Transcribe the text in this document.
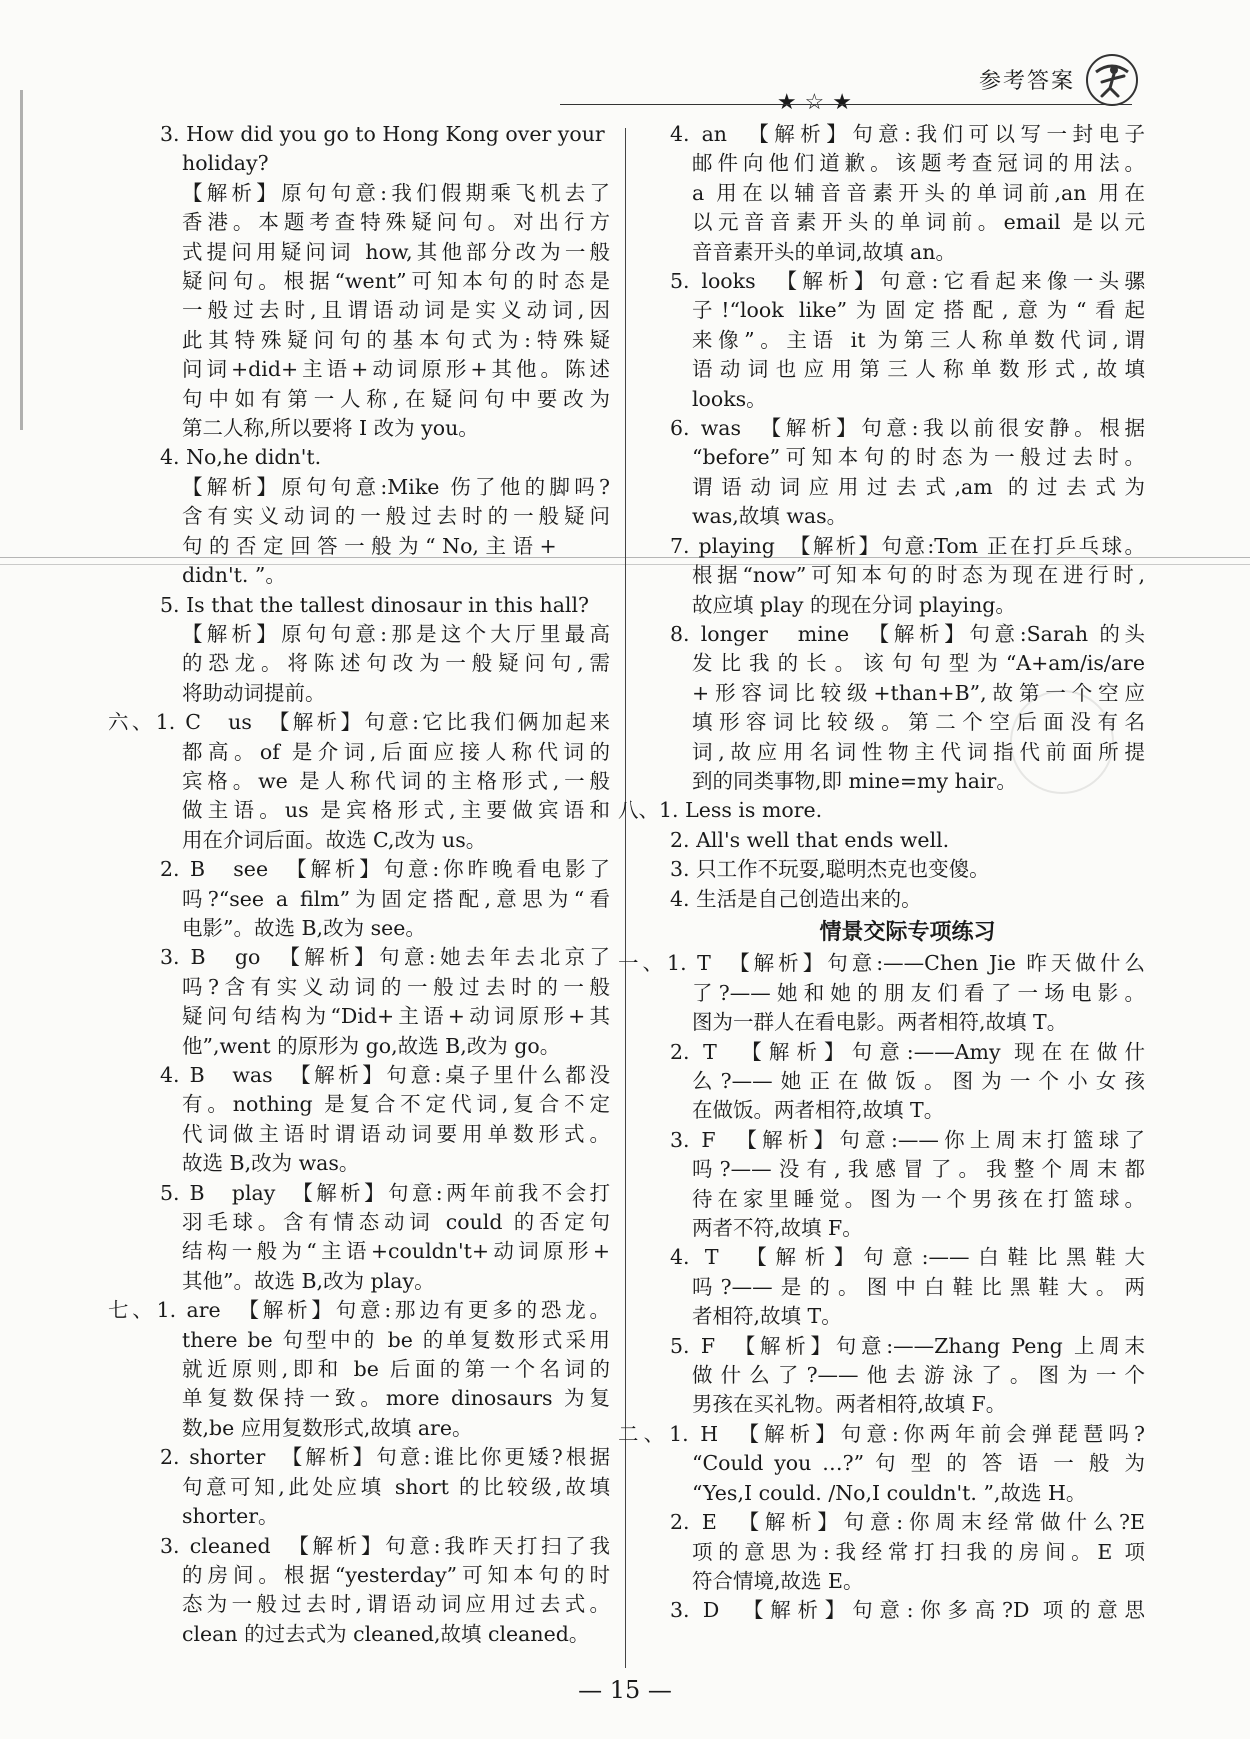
★☆★
参考答案
3. How did you go to Hong Kong over your
holiday?
【解析】原句句意:我们假期乘飞机去了
香港。本题考查特殊疑问句。对出行方
式提问用疑问词 how,其他部分改为一般
疑问句。根据“went”可知本句的时态是
一般过去时,且谓语动词是实义动词,因
此其特殊疑问句的基本句式为:特殊疑
问词+did+主语+动词原形+其他。陈述
句中如有第一人称,在疑问句中要改为
第二人称,所以要将 I 改为 you。
4. No,he didn't.
【解析】原句句意:Mike 伤了他的脚吗?
含有实义动词的一般过去时的一般疑问
句 的 否 定 回 答 一 般 为 “ No, 主 语 +
didn't. ”。
5. Is that the tallest dinosaur in this hall?
【解析】原句句意:那是这个大厅里最高
的恐龙。将陈述句改为一般疑问句,需
将助动词提前。
六、1. C　us　【解析】句意:它比我们俩加起来
都高。of 是介词,后面应接人称代词的
宾格。we 是人称代词的主格形式,一般
做主语。us 是宾格形式,主要做宾语和
用在介词后面。故选 C,改为 us。
2. B　see　【解析】句意:你昨晚看电影了
吗?“see a film”为固定搭配,意思为“看
电影”。故选 B,改为 see。
3. B　go　【解析】句意:她去年去北京了
吗?含有实义动词的一般过去时的一般
疑问句结构为“Did+主语+动词原形+其
他”,went 的原形为 go,故选 B,改为 go。
4. B　was　【解析】句意:桌子里什么都没
有。nothing 是复合不定代词,复合不定
代词做主语时谓语动词要用单数形式。
故选 B,改为 was。
5. B　play　【解析】句意:两年前我不会打
羽毛球。含有情态动词 could 的否定句
结构一般为“主语+couldn't+动词原形+
其他”。故选 B,改为 play。
七、1. are　【解析】句意:那边有更多的恐龙。
there be 句型中的 be 的单复数形式采用
就近原则,即和 be 后面的第一个名词的
单复数保持一致。more dinosaurs 为复
数,be 应用复数形式,故填 are。
2. shorter　【解析】句意:谁比你更矮?根据
句意可知,此处应填 short 的比较级,故填
shorter。
3. cleaned　【解析】句意:我昨天打扫了我
的房间。根据“yesterday”可知本句的时
态为一般过去时,谓语动词应用过去式。
clean 的过去式为 cleaned,故填 cleaned。
4. an　【解析】句意:我们可以写一封电子
邮件向他们道歉。该题考查冠词的用法。
a 用在以辅音音素开头的单词前,an 用在
以元音音素开头的单词前。email 是以元
音音素开头的单词,故填 an。
5. looks　【解析】句意:它看起来像一头骡
子!“look like”为固定搭配,意为“看起
来像”。主语 it 为第三人称单数代词,谓
语动词也应用第三人称单数形式,故填
looks。
6. was　【解析】句意:我以前很安静。根据
“before”可知本句的时态为一般过去时。
谓语动词应用过去式,am 的过去式为
was,故填 was。
7. playing　【解析】句意:Tom 正在打乒乓球。
根据“now”可知本句的时态为现在进行时,
故应填 play 的现在分词 playing。
8. longer　mine　【解析】句意:Sarah 的头
发比我的长。该句句型为“A+am/is/are
+形容词比较级+than+B”,故第一个空应
填形容词比较级。第二个空后面没有名
词,故应用名词性物主代词指代前面所提
到的同类事物,即 mine=my hair。
八、1. Less is more.
2. All's well that ends well.
3. 只工作不玩耍,聪明杰克也变傻。
4. 生活是自己创造出来的。
情景交际专项练习
一、1. T　【解析】句意:——Chen Jie 昨天做什么
了?——她和她的朋友们看了一场电影。
图为一群人在看电影。两者相符,故填 T。
2. T　【解析】句意:——Amy 现在在做什
么?——她正在做饭。图为一个小女孩
在做饭。两者相符,故填 T。
3. F　【解析】句意:——你上周末打篮球了
吗?——没有,我感冒了。我整个周末都
待在家里睡觉。图为一个男孩在打篮球。
两者不符,故填 F。
4. T　【解析】句意:——白鞋比黑鞋大
吗?——是的。图中白鞋比黑鞋大。两
者相符,故填 T。
5. F　【解析】句意:——Zhang Peng 上周末
做什么了?——他去游泳了。图为一个
男孩在买礼物。两者相符,故填 F。
二、1. H　【解析】句意:你两年前会弹琵琶吗?
“Could you …?” 句 型 的 答 语 一 般 为
“Yes,I could. /No,I couldn't. ”,故选 H。
2. E　【解析】句意:你周末经常做什么?E
项的意思为:我经常打扫我的房间。E 项
符合情境,故选 E。
3. D　【解析】句意:你多高?D 项的意思
— 15 —
